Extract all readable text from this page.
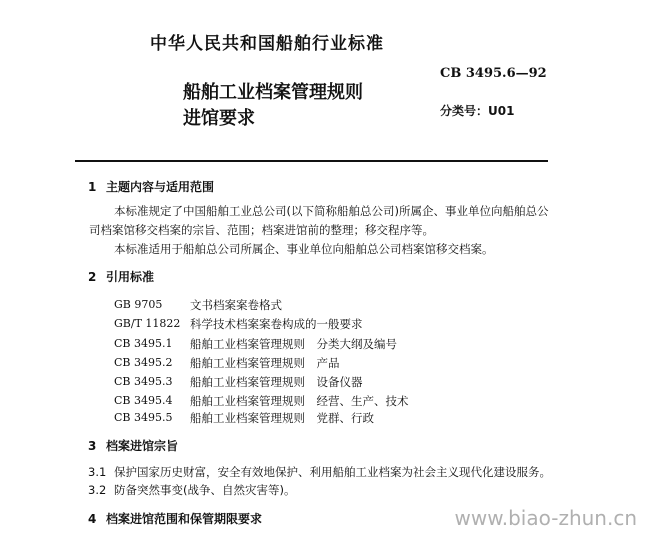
中华人民共和国船舶行业标准
船舶工业档案管理规则
进馆要求
CB 3495.6—92
分类号：U01
1 主题内容与适用范围
本标准规定了中国船舶工业总公司(以下简称船舶总公司)所属企、事业单位向船舶总公
司档案馆移交档案的宗旨、范围；档案进馆前的整理；移交程序等。
本标准适用于船舶总公司所属企、事业单位向船舶总公司档案馆移交档案。
2 引用标准
GB 9705 文书档案案卷格式
GB/T 11822 科学技术档案案卷构成的一般要求
CB 3495.1 船舶工业档案管理规则　分类大纲及编号
CB 3495.2 船舶工业档案管理规则　产品
CB 3495.3 船舶工业档案管理规则　设备仪器
CB 3495.4 船舶工业档案管理规则　经营、生产、技术
CB 3495.5 船舶工业档案管理规则　党群、行政
3 档案进馆宗旨
3.1 保护国家历史财富，安全有效地保护、利用船舶工业档案为社会主义现代化建设服务。
3.2 防备突然事变(战争、自然灾害等)。
4 档案进馆范围和保管期限要求	www.biao-zhun.cn
